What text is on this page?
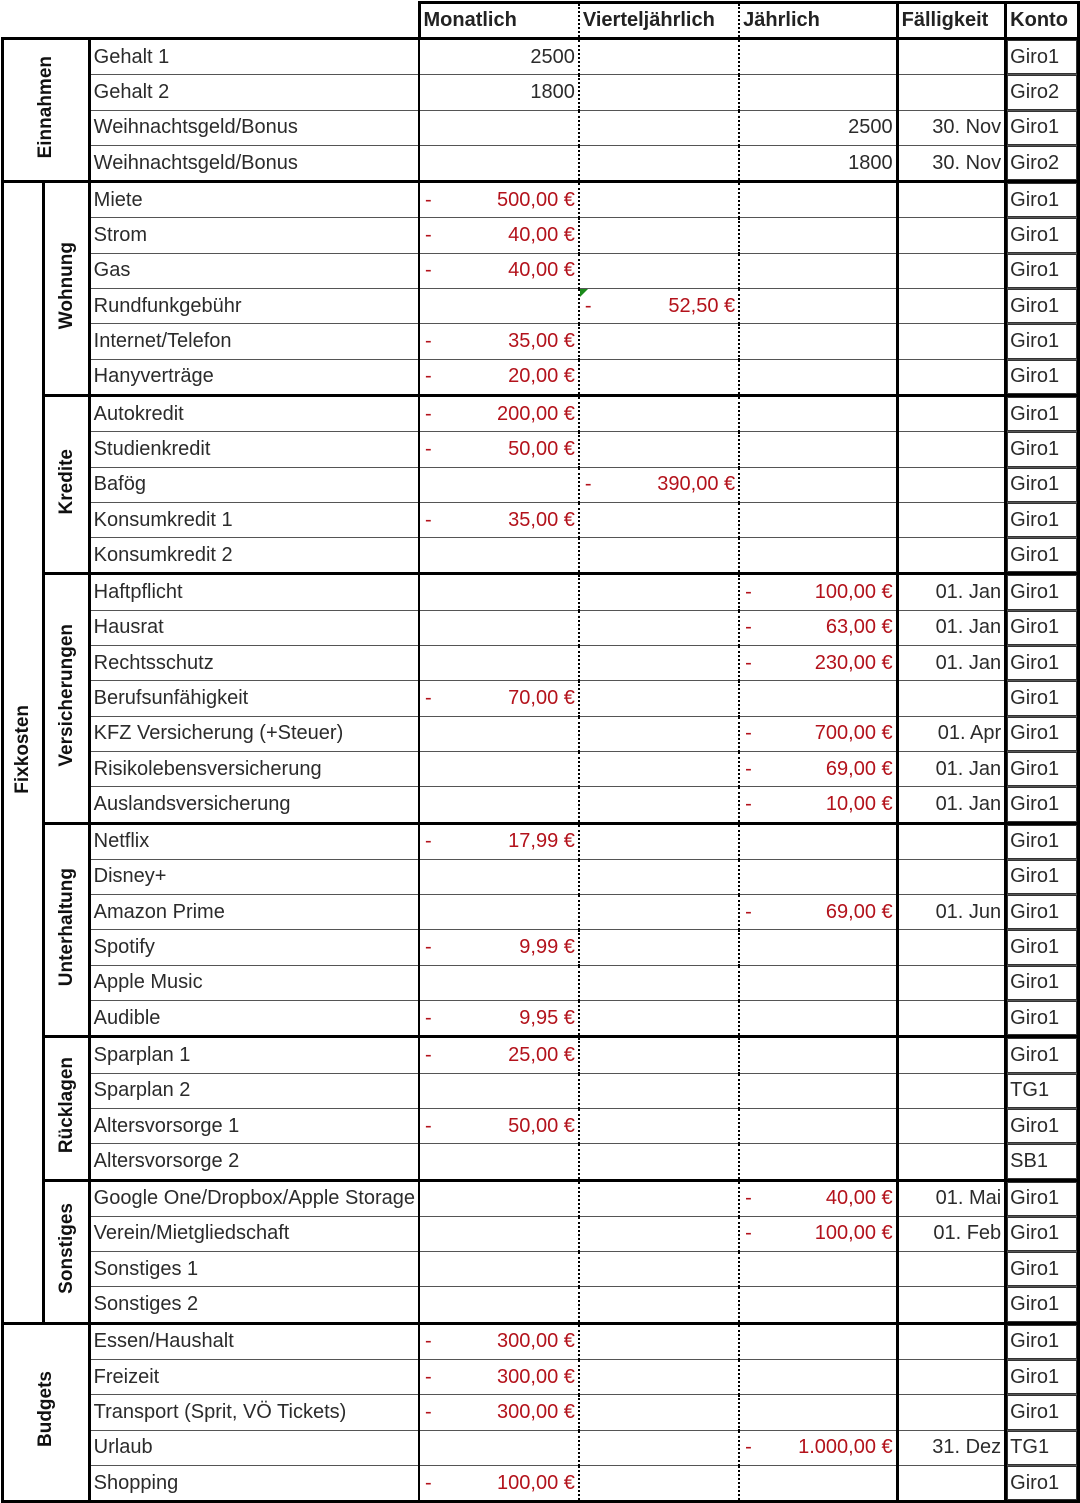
			Monatlich	Vierteljährlich	Jährlich	Fälligkeit	Konto
Einnahmen		Gehalt 1	2500				Giro1
		Gehalt 2	1800				Giro2
		Weihnachtsgeld/Bonus			2500	30. Nov	Giro1
		Weihnachtsgeld/Bonus			1800	30. Nov	Giro2
Fixkosten	Wohnung	Miete	- 500,00 €				Giro1
		Strom	- 40,00 €				Giro1
		Gas	- 40,00 €				Giro1
		Rundfunkgebühr		- 52,50 €			Giro1
		Internet/Telefon	- 35,00 €				Giro1
		Hanyverträge	- 20,00 €				Giro1
	Kredite	Autokredit	- 200,00 €				Giro1
		Studienkredit	- 50,00 €				Giro1
		Bafög		- 390,00 €			Giro1
		Konsumkredit 1	- 35,00 €				Giro1
		Konsumkredit 2					Giro1
	Versicherungen	Haftpflicht			- 100,00 €	01. Jan	Giro1
		Hausrat			- 63,00 €	01. Jan	Giro1
		Rechtsschutz			- 230,00 €	01. Jan	Giro1
		Berufsunfähigkeit	- 70,00 €				Giro1
		KFZ Versicherung (+Steuer)			- 700,00 €	01. Apr	Giro1
		Risikolebensversicherung			- 69,00 €	01. Jan	Giro1
		Auslandsversicherung			- 10,00 €	01. Jan	Giro1
	Unterhaltung	Netflix	- 17,99 €				Giro1
		Disney+					Giro1
		Amazon Prime			- 69,00 €	01. Jun	Giro1
		Spotify	- 9,99 €				Giro1
		Apple Music					Giro1
		Audible	- 9,95 €				Giro1
	Rücklagen	Sparplan 1	- 25,00 €				Giro1
		Sparplan 2					TG1
		Altersvorsorge 1	- 50,00 €				Giro1
		Altersvorsorge 2					SB1
	Sonstiges	Google One/Dropbox/Apple Storage			- 40,00 €	01. Mai	Giro1
		Verein/Mietgliedschaft			- 100,00 €	01. Feb	Giro1
		Sonstiges 1					Giro1
		Sonstiges 2					Giro1
Budgets		Essen/Haushalt	- 300,00 €				Giro1
		Freizeit	- 300,00 €				Giro1
		Transport (Sprit, VÖ Tickets)	- 300,00 €				Giro1
		Urlaub			- 1.000,00 €	31. Dez	TG1
		Shopping	- 100,00 €				Giro1
